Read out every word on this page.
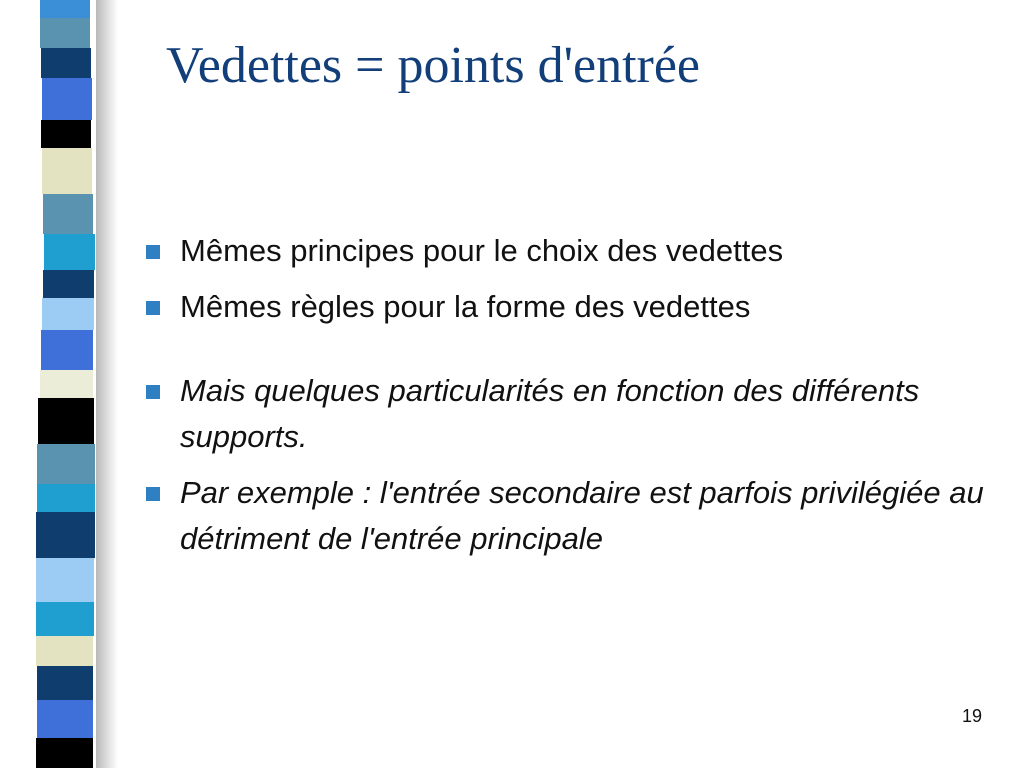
Vedettes = points d'entrée
Mêmes principes pour le choix des vedettes
Mêmes règles pour la forme des vedettes
Mais quelques particularités en fonction des différents supports.
Par exemple : l'entrée secondaire est parfois privilégiée au détriment de l'entrée principale
19
